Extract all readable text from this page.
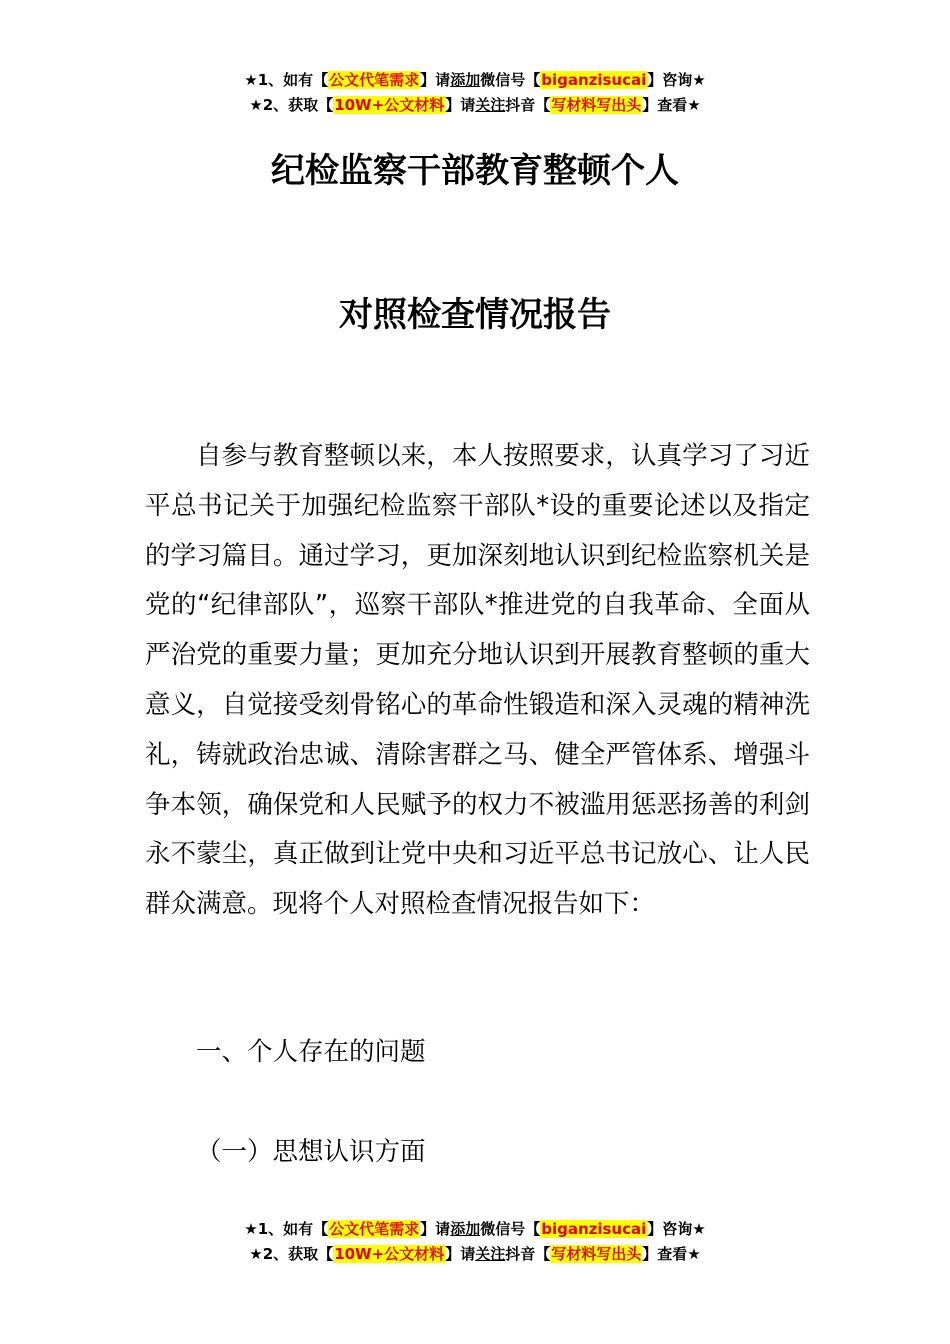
★1、如有【公文代笔需求】请添加微信号【biganzisucai】咨询★
★2、获取【10W+公文材料】请关注抖音【写材料写出头】查看★
纪检监察干部教育整顿个人
对照检查情况报告

自参与教育整顿以来，本人按照要求，认真学习了习近平总书记关于加强纪检监察干部队*设的重要论述以及指定的学习篇目。通过学习，更加深刻地认识到纪检监察机关是党的“纪律部队”，巡察干部队*推进党的自我革命、全面从严治党的重要力量；更加充分地认识到开展教育整顿的重大意义，自觉接受刻骨铭心的革命性锻造和深入灵魂的精神洗礼，铸就政治忠诚、清除害群之马、健全严管体系、增强斗争本领，确保党和人民赋予的权力不被滥用惩恶扬善的利剑永不蒙尘，真正做到让党中央和习近平总书记放心、让人民群众满意。现将个人对照检查情况报告如下：

一、个人存在的问题

（一）思想认识方面

★1、如有【公文代笔需求】请添加微信号【biganzisucai】咨询★
★2、获取【10W+公文材料】请关注抖音【写材料写出头】查看★
